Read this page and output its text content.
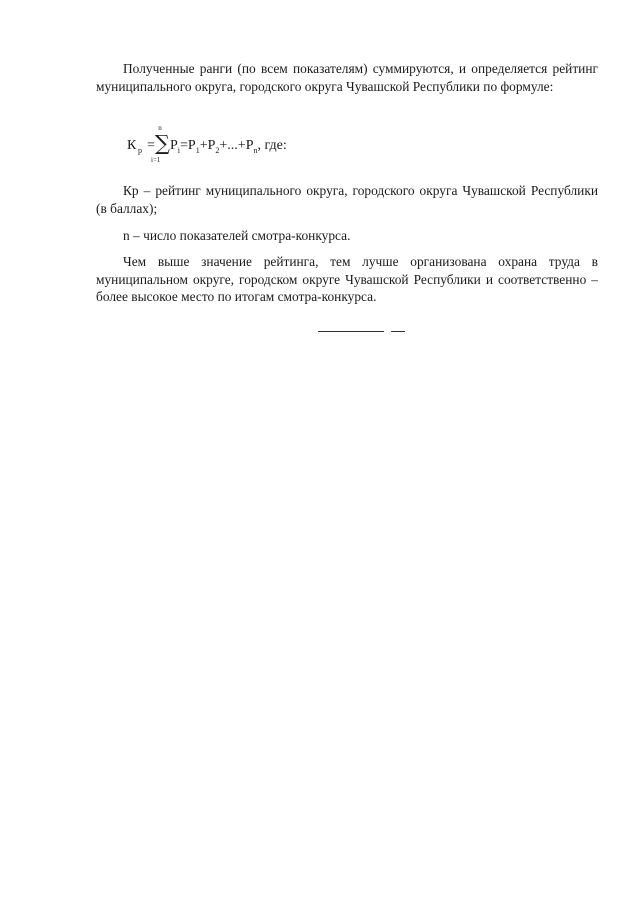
Полученные ранги (по всем показателям) суммируются, и определяется рейтинг муниципального округа, городского округа Чувашской Республики по формуле:

К р =
n
∑
i=1
$P_i=P_1+P_2+...+P_n$, где:

Кр – рейтинг муниципального округа, городского округа Чувашской Республики (в баллах);

n – число показателей смотра-конкурса.

Чем выше значение рейтинга, тем лучше организована охрана труда в муниципальном округе, городском округе Чувашской Республики и соответственно – более высокое место по итогам смотра-конкурса.
